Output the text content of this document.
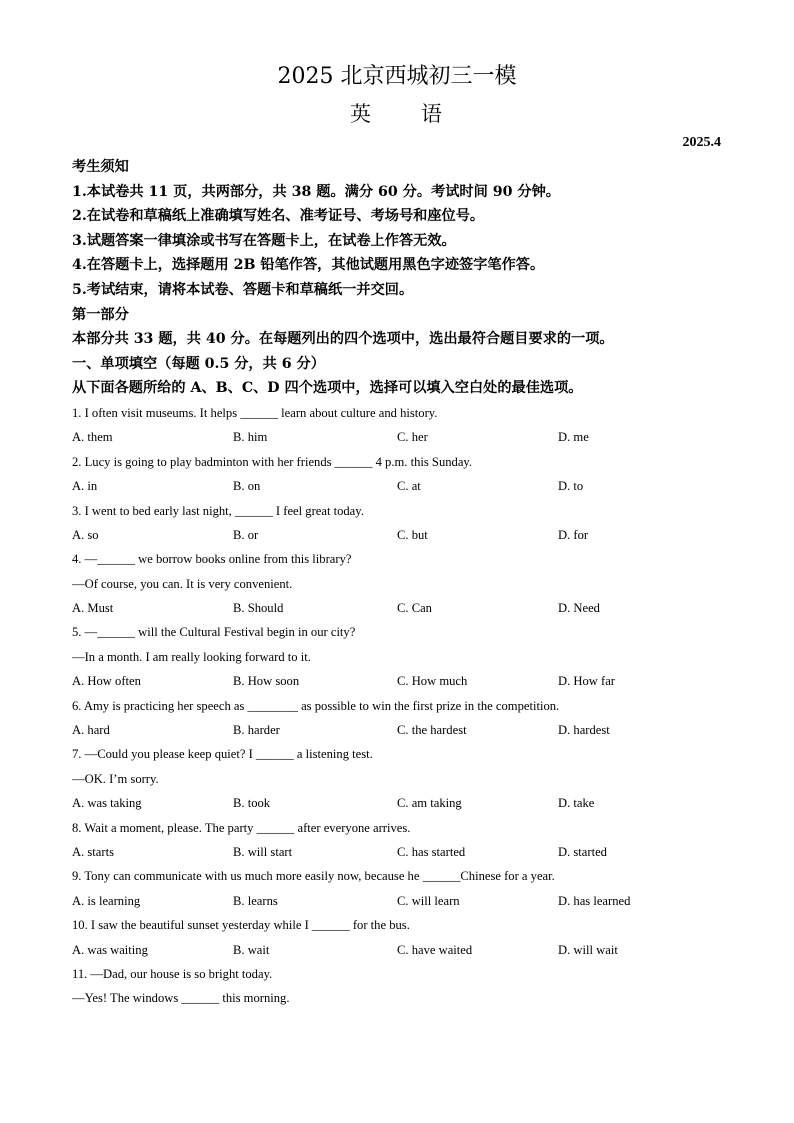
2025 北京西城初三一模
英 语
2025.4
考生须知
1.本试卷共 11 页，共两部分，共 38 题。满分 60 分。考试时间 90 分钟。
2.在试卷和草稿纸上准确填写姓名、准考证号、考场号和座位号。
3.试题答案一律填涂或书写在答题卡上，在试卷上作答无效。
4.在答题卡上，选择题用 2B 铅笔作答，其他试题用黑色字迹签字笔作答。
5.考试结束，请将本试卷、答题卡和草稿纸一并交回。
第一部分
本部分共 33 题，共 40 分。在每题列出的四个选项中，选出最符合题目要求的一项。
一、单项填空（每题 0.5 分，共 6 分）
从下面各题所给的 A、B、C、D 四个选项中，选择可以填入空白处的最佳选项。
1. I often visit museums. It helps ______ learn about culture and history.
A. them	B. him	C. her	D. me
2. Lucy is going to play badminton with her friends ______ 4 p.m. this Sunday.
A. in	B. on	C. at	D. to
3. I went to bed early last night, ______ I feel great today.
A. so	B. or	C. but	D. for
4. —______ we borrow books online from this library?
—Of course, you can. It is very convenient.
A. Must	B. Should	C. Can	D. Need
5. —______ will the Cultural Festival begin in our city?
—In a month. I am really looking forward to it.
A. How often	B. How soon	C. How much	D. How far
6. Amy is practicing her speech as ________ as possible to win the first prize in the competition.
A. hard	B. harder	C. the hardest	D. hardest
7. —Could you please keep quiet? I ______ a listening test.
—OK. I’m sorry.
A. was taking	B. took	C. am taking	D. take
8. Wait a moment, please. The party ______ after everyone arrives.
A. starts	B. will start	C. has started	D. started
9. Tony can communicate with us much more easily now, because he ______Chinese for a year.
A. is learning	B. learns	C. will learn	D. has learned
10. I saw the beautiful sunset yesterday while I ______ for the bus.
A. was waiting	B. wait	C. have waited	D. will wait
11. —Dad, our house is so bright today.
—Yes! The windows ______ this morning.
